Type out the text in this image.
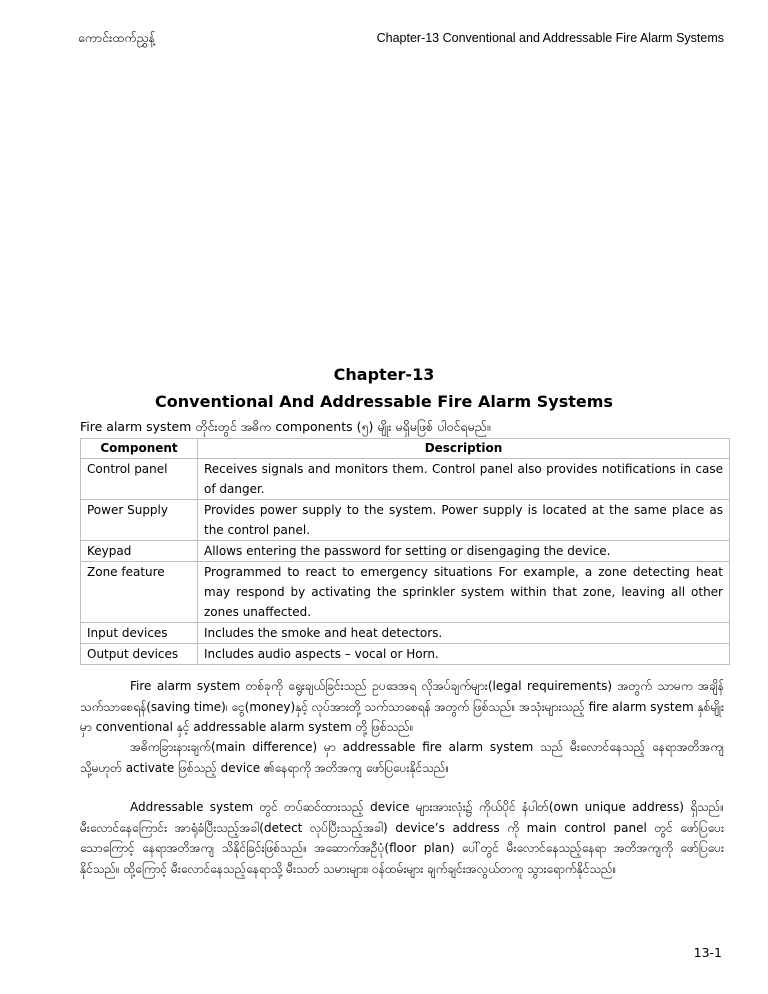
ကောင်းထက်ညွှန့်	Chapter-13 Conventional and Addressable Fire Alarm Systems
Chapter-13
Conventional And Addressable Fire Alarm Systems
Fire alarm system တိုင်းတွင် အဓိက components (၅) မျိုး မရှိမဖြစ် ပါဝင်ရမည်။
Component	Description
Control panel	Receives signals and monitors them. Control panel also provides notifications in case of danger.
Power Supply	Provides power supply to the system. Power supply is located at the same place as the control panel.
Keypad	Allows entering the password for setting or disengaging the device.
Zone feature	Programmed to react to emergency situations For example, a zone detecting heat may respond by activating the sprinkler system within that zone, leaving all other zones unaffected.
Input devices	Includes the smoke and heat detectors.
Output devices	Includes audio aspects – vocal or Horn.

Fire alarm system တစ်ခုကို ရွေးချယ်ခြင်းသည် ဥပဒေအရ လိုအပ်ချက်များ(legal requirements) အတွက် သာမက အချိန်သက်သာစေရန်(saving time)၊ ငွေ(money)နှင့် လုပ်အားတို့ သက်သာစေရန် အတွက် ဖြစ်သည်။ အသုံးများသည့် fire alarm system နှစ်မျိုးမှာ conventional နှင့် addressable alarm system တို့ ဖြစ်သည်။

အဓိကခြားနားချက်(main difference) မှာ addressable fire alarm system သည် မီးလောင်နေသည့် နေရာအတိအကျ သို့မဟုတ် activate ဖြစ်သည့် device ၏နေရာကို အတိအကျ ဖော်ပြပေးနိုင်သည်။

Addressable system တွင် တပ်ဆင်ထားသည့် device များအားလုံး၌ ကိုယ်ပိုင် နံပါတ်(own unique address) ရှိသည်။ မီးလောင်နေကြောင်း အာရုံခံပြီးသည့်အခါ(detect လုပ်ပြီးသည့်အခါ) device’s address ကို main control panel တွင် ဖော်ပြပေးသောကြောင့် နေရာအတိအကျ သိနိုင်ခြင်းဖြစ်သည်။ အဆောက်အဦပုံ(floor plan) ပေါ်တွင် မီးလောင်နေသည့်နေရာ အတိအကျကို ဖော်ပြပေးနိုင်သည်။ ထို့ကြောင့် မီးလောင်နေသည့်နေရာသို့ မီးသတ် သမားများ၊ ဝန်ထမ်းများ ချက်ချင်းအလွယ်တကူ သွားရောက်နိုင်သည်။

13-1
